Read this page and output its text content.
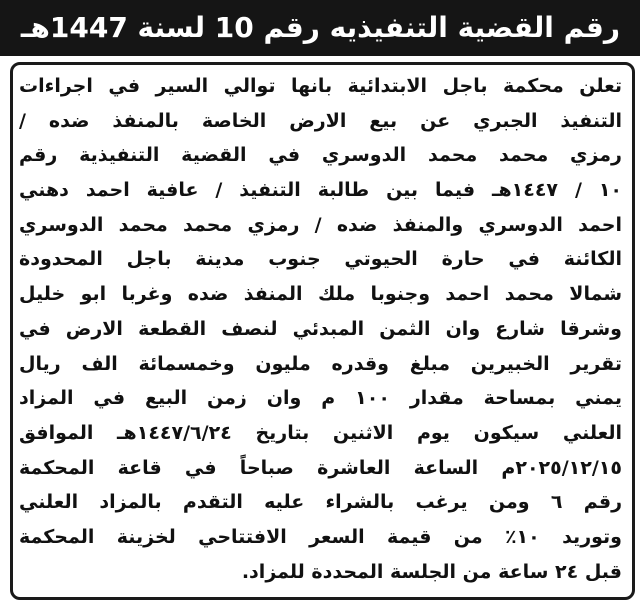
رقم القضية التنفيذيه رقم 10 لسنة 1447هـ
تعلن محكمة باجل الابتدائية بانها توالي السير في اجراءات
التنفيذ الجبري عن بيع الارض الخاصة بالمنفذ ضده /
رمزي محمد محمد الدوسري في القضية التنفيذية رقم
١٠ / ١٤٤٧هـ فيما بين طالبة التنفيذ / عافية احمد دهني
احمد الدوسري والمنفذ ضده / رمزي محمد محمد الدوسري
الكائنة في حارة الحيوتي جنوب مدينة باجل المحدودة
شمالا محمد احمد وجنوبا ملك المنفذ ضده وغربا ابو خليل
وشرقا شارع وان الثمن المبدئي لنصف القطعة الارض في
تقرير الخبيرين مبلغ وقدره مليون وخمسمائة الف ريال
يمني بمساحة مقدار ١٠٠ م وان زمن البيع في المزاد
العلني سيكون يوم الاثنين بتاريخ ١٤٤٧/٦/٢٤هـ الموافق
٢٠٢٥/١٢/١٥م الساعة العاشرة صباحاً في قاعة المحكمة
رقم ٦ ومن يرغب بالشراء عليه التقدم بالمزاد العلني
وتوريد ١٠٪ من قيمة السعر الافتتاحي لخزينة المحكمة
قبل ٢٤ ساعة من الجلسة المحددة للمزاد.
